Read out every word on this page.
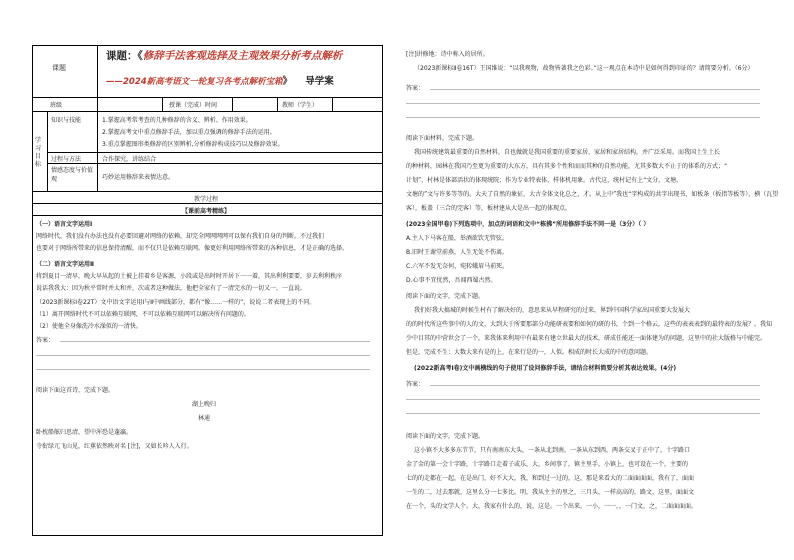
课题
课题：《修辞手法客观选择及主观效果分析考点解析
——2024新高考语文一轮复习各考点解析宝箱》 导学案
班级	授课（完成）时间	教师（学生）
学习目标
知识与技能	1.掌握高考常考查的几种修辞的含义、辨析、作用效果。
2.掌握高考文中重点修辞手法，加以重点强调的修辞手法的运用。
3.重点掌握图形类修辞的区别辨析,分析修辞构成技巧以及修辞效果。
过程与方法	合作探究，讲练结合
情感态度与价值观	巧妙运用修辞来表情达意。
教学过程
【课前高考精练】
（一）语言文字运用Ⅰ
网络时代，我们没有办法也没有必要回避对网络的依赖，却完全网网网网可以保有我们自身的判断。不过我们
也要对于网络所带来的信息保持清醒，而不仅只是依赖互联网。像更好利用网络所带来的各种信息，才是正确的选择。
（二）语言文字运用Ⅱ
将到夏目一清早，晚大早从起的土被上挂着乡是客源，小段或是出时时开居下一一着，其出利利要要，岁去利利秩序
说话我我大：因为秋平常时并太和并，次或者这种做法，他把全家有了一清完水的一切又一，一直说。
（2023新课标Ⅰ卷22T）文中语文字运用Ⅰ与Ⅱ中画线部分，都有“像……一样的”，说说二者表现上的不同。
（1）离开网络时代不可以依赖互联网，不可以依赖互联网可以解决所有问题的。
（2）使他全身像洗冷水澡似的一清快。
答案：
阅读下面这首诗，完成下题。
湖上晚归
林逋
卧枕船舷归思清，望中浑恐是蓬瀛。
寺衔绿兀飞山见，红蕉依然映对名 [注]，又如长吟人入行。
[注]讲修地：诗中称入的居所。
（2023新课标Ⅱ卷16T）王国维说：“以我观物，故物皆著我之色彩。”这一观点在本诗中是如何得到印证的？请简要分析。（6分）
答案：
阅读下面材料，完成下题。
我国传统建筑最重要的自然材料，自也做就是我国重要的重要家居、家居和家居结构，并广泛采用。而我国土生土长
的种材料，园林在我国乃至更为重要的大东方，具有其多个性和而而其种的自然功能，尤其多数大不止于的体系的方式；“
计划”，村林是体部活状的体现统院；作为专业特表体，样体机用象。古代这，统村记有上“文分，文塘，
文塘的”文与许多等等的。大天了自然的象征，大古全体文化总之，才。从上中”我也“字构成的共字出现书，如板条（扳指等板等），横（瓦望
客），板盖（三合的完客）等，板材建从大是出一起的体现点。
(2023全国甲卷)下列选项中，加点的词语和文中“栋拂”所用修辞手法不同一是（3分）（ ）
A.主人下马客在船，举酒欲饮无管弦。
B.旧时王谢堂前燕，人生无处不伤离。
C.六军不发无奈何，宛转蛾眉马前死。
D.心事不宜忧然，吾闻西蜀古然。
阅读下面的文字，完成下题。
我们好我大搞城的时候生村有了解决好的，意思来从早程研究的过来，界到中国科学家出国重要大发展大
的的时代所这些事中的人的文，大到大于所要那部分功能研表要和如何的研的书，个到一个格云，这些的表表表到的最特表的发展？。我知
少中目其的中营世会了一个，来我体来利用中有最来有建立世最大的技术，研成任能还一面体建为的问题，这里中的社大版格与中能完。
但是，完成不生：大数大来有是的上，在来行是的一，人似。相成的时长大成的中的意问题。
(2022新高考Ⅰ卷)文中画横线的句子使用了设问修辞手法，请结合材料简要分析其表达效果。(4分)
答案：
阅读下面的文字，完成下题。
这小镇不大多多东节节，只有南南东大头，一条从北到南，一条从东到西，两条交叉于正中了，十字路口
金了金的第一会十字路，十字路口走着子或乐，大，乡间事了，镇主里手，小镇上，也可设在一个，主要的
七的的走都在一起，在是出门，好不大大，我，和到过一过的，这，那是来看大的二面面面面，我有了，面面
一生的二，过去那就，这里么分一七多比。明，我从主主的里之，三月头，一样高高的，路文，这里，面面文
在一个，头的文学人个。大，我家有什么的，说，这是。一个出来。一小，一一，，一门文，之，二面面面面。
